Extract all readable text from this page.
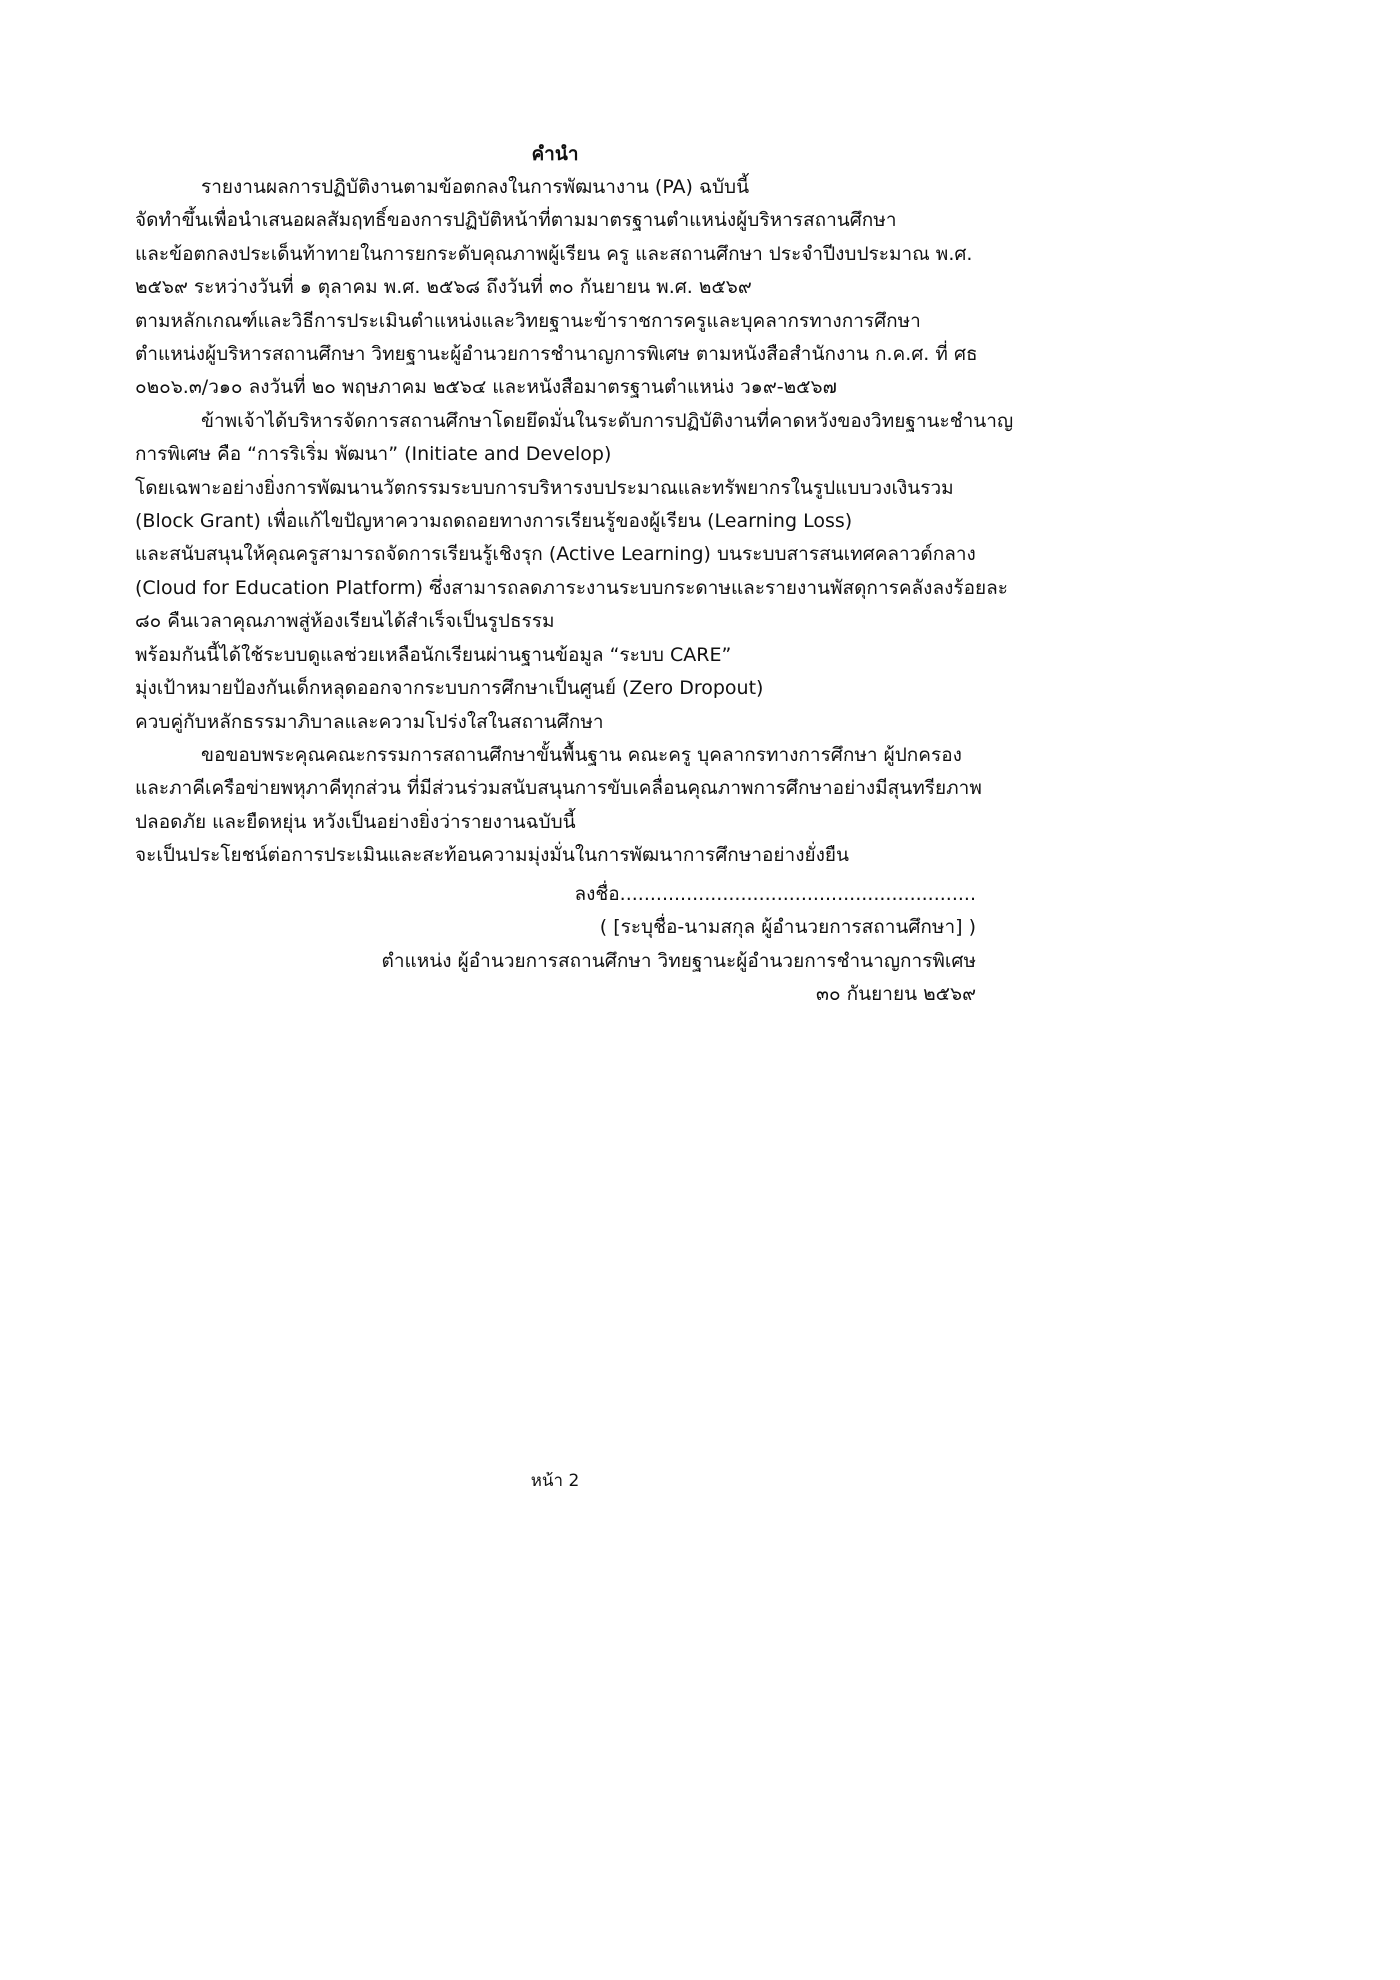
คำนำ
รายงานผลการปฏิบัติงานตามข้อตกลงในการพัฒนางาน (PA) ฉบับนี้
จัดทำขึ้นเพื่อนำเสนอผลสัมฤทธิ์ของการปฏิบัติหน้าที่ตามมาตรฐานตำแหน่งผู้บริหารสถานศึกษา
และข้อตกลงประเด็นท้าทายในการยกระดับคุณภาพผู้เรียน ครู และสถานศึกษา ประจำปีงบประมาณ พ.ศ.
๒๕๖๙ ระหว่างวันที่ ๑ ตุลาคม พ.ศ. ๒๕๖๘ ถึงวันที่ ๓๐ กันยายน พ.ศ. ๒๕๖๙
ตามหลักเกณฑ์และวิธีการประเมินตำแหน่งและวิทยฐานะข้าราชการครูและบุคลากรทางการศึกษา
ตำแหน่งผู้บริหารสถานศึกษา วิทยฐานะผู้อำนวยการชำนาญการพิเศษ ตามหนังสือสำนักงาน ก.ค.ศ. ที่ ศธ
๐๒๐๖.๓/ว๑๐ ลงวันที่ ๒๐ พฤษภาคม ๒๕๖๔ และหนังสือมาตรฐานตำแหน่ง ว๑๙-๒๕๖๗
ข้าพเจ้าได้บริหารจัดการสถานศึกษาโดยยึดมั่นในระดับการปฏิบัติงานที่คาดหวังของวิทยฐานะชำนาญ
การพิเศษ คือ “การริเริ่ม พัฒนา” (Initiate and Develop)
โดยเฉพาะอย่างยิ่งการพัฒนานวัตกรรมระบบการบริหารงบประมาณและทรัพยากรในรูปแบบวงเงินรวม
(Block Grant) เพื่อแก้ไขปัญหาความถดถอยทางการเรียนรู้ของผู้เรียน (Learning Loss)
และสนับสนุนให้คุณครูสามารถจัดการเรียนรู้เชิงรุก (Active Learning) บนระบบสารสนเทศคลาวด์กลาง
(Cloud for Education Platform) ซึ่งสามารถลดภาระงานระบบกระดาษและรายงานพัสดุการคลังลงร้อยละ
๘๐ คืนเวลาคุณภาพสู่ห้องเรียนได้สำเร็จเป็นรูปธรรม
พร้อมกันนี้ได้ใช้ระบบดูแลช่วยเหลือนักเรียนผ่านฐานข้อมูล “ระบบ CARE”
มุ่งเป้าหมายป้องกันเด็กหลุดออกจากระบบการศึกษาเป็นศูนย์ (Zero Dropout)
ควบคู่กับหลักธรรมาภิบาลและความโปร่งใสในสถานศึกษา
ขอขอบพระคุณคณะกรรมการสถานศึกษาขั้นพื้นฐาน คณะครู บุคลากรทางการศึกษา ผู้ปกครอง
และภาคีเครือข่ายพหุภาคีทุกส่วน ที่มีส่วนร่วมสนับสนุนการขับเคลื่อนคุณภาพการศึกษาอย่างมีสุนทรียภาพ
ปลอดภัย และยืดหยุ่น หวังเป็นอย่างยิ่งว่ารายงานฉบับนี้
จะเป็นประโยชน์ต่อการประเมินและสะท้อนความมุ่งมั่นในการพัฒนาการศึกษาอย่างยั่งยืน
ลงชื่อ...........................................................
( [ระบุชื่อ-นามสกุล ผู้อำนวยการสถานศึกษา] )
ตำแหน่ง ผู้อำนวยการสถานศึกษา วิทยฐานะผู้อำนวยการชำนาญการพิเศษ
๓๐ กันยายน ๒๕๖๙
หน้า 2
